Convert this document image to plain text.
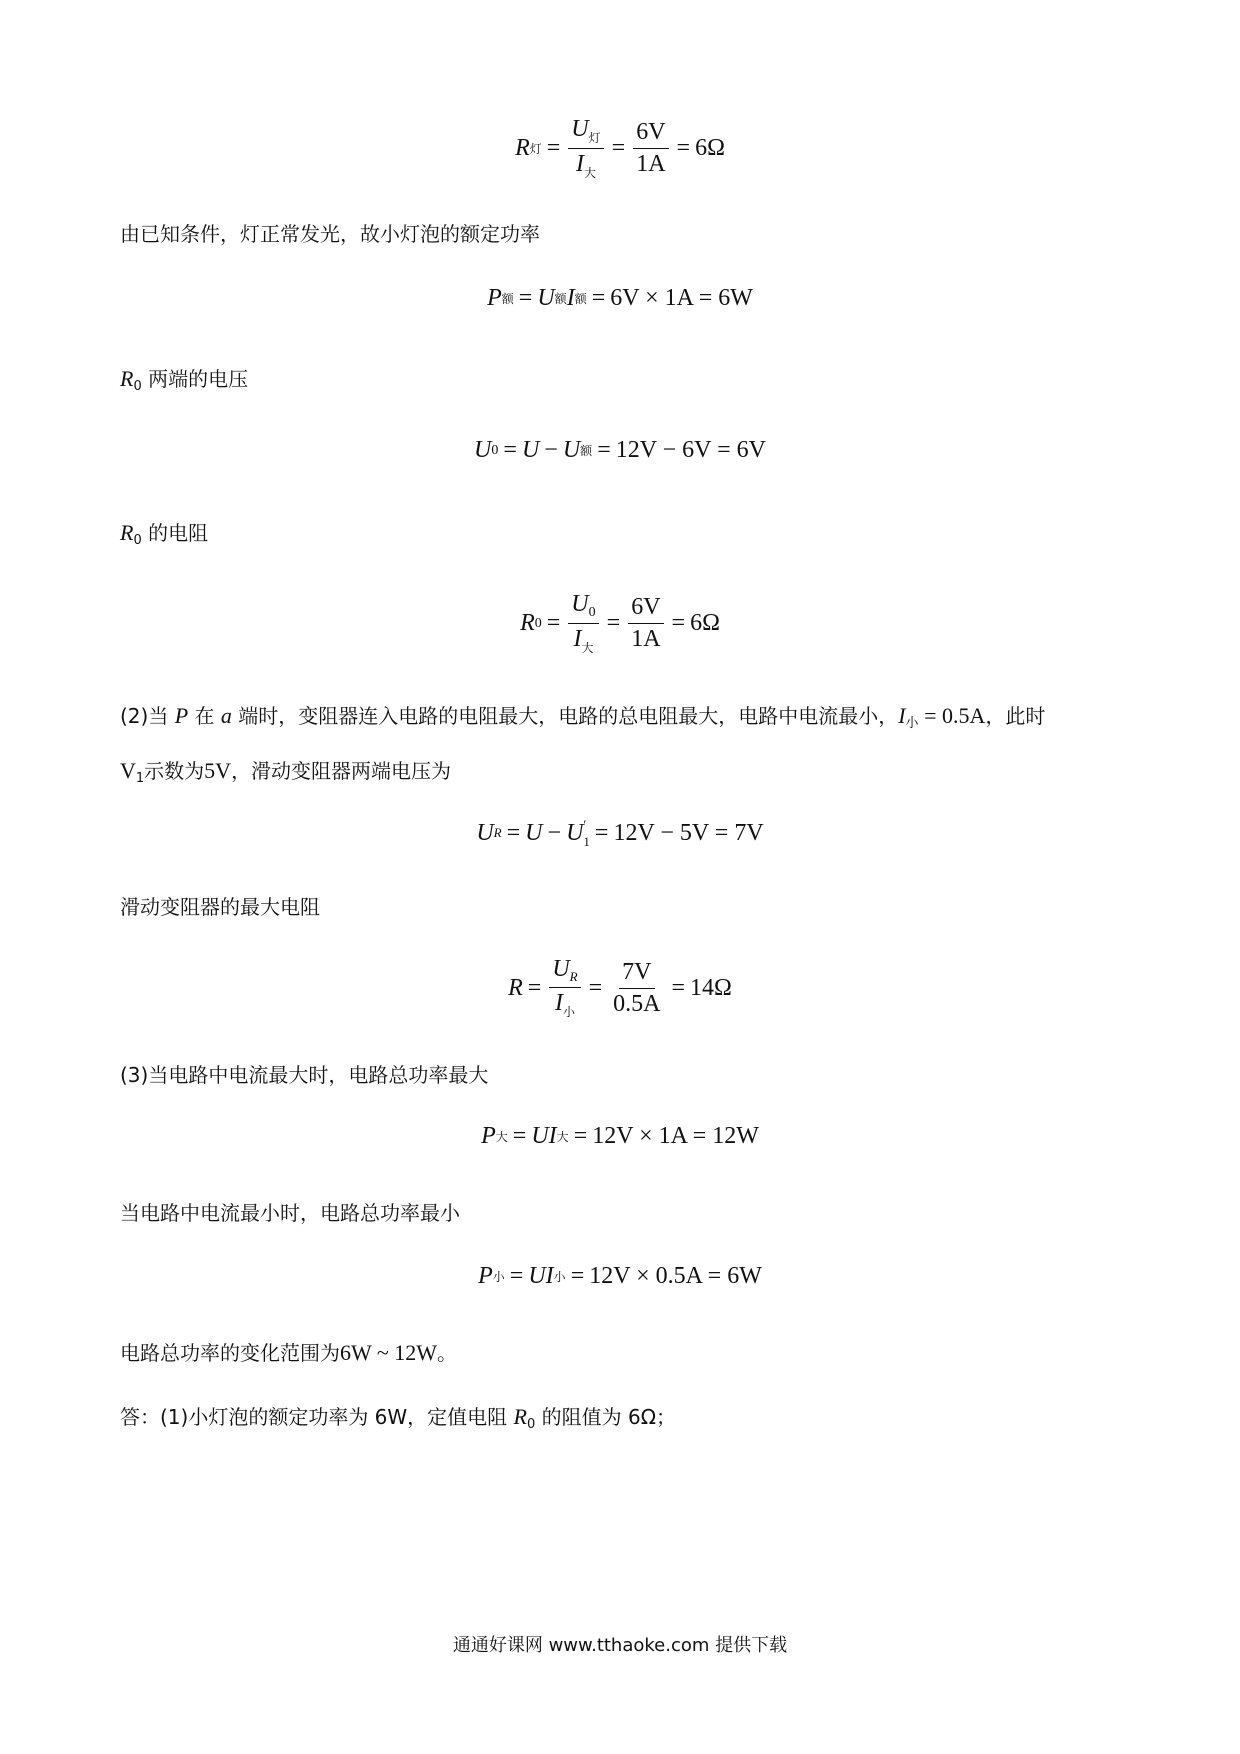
R 灯 = $\frac{U_灯}{I_大} = \frac{6V}{1A} = 6\Omega$
由已知条件，灯正常发光，故小灯泡的额定功率
P 额 = U 额 I 额 = 6V × 1A = 6W
$R_0$ 两端的电压
U 0 = U − U 额 = 12V − 6V = 6V
$R_0$ 的电阻
R $0 = \frac{U_0}{I_大} = \frac{6V}{1A} = 6\Omega$
(2)当 P 在 a 端时，变阻器连入电路的电阻最大，电路的总电阻最大，电路中电流最小，$I_小 = 0.5A$，此时
$V_1$示数为5V，滑动变阻器两端电压为
U R = U − U ′
1 = 12V − 5V = 7V
滑动变阻器的最大电阻
$R = \frac{U_R}{I_小} = \frac{7V}{0.5A} = 14\Omega$
(3)当电路中电流最大时，电路总功率最大
P 大 = UI 大 = 12V × 1A = 12W
当电路中电流最小时，电路总功率最小
P 小 = UI 小 = 12V × 0.5A = 6W
电路总功率的变化范围为6W ~ 12W。
答：(1)小灯泡的额定功率为 6W，定值电阻 $R_0$ 的阻值为 6Ω；
通通好课网 www.tthaoke.com 提供下载
